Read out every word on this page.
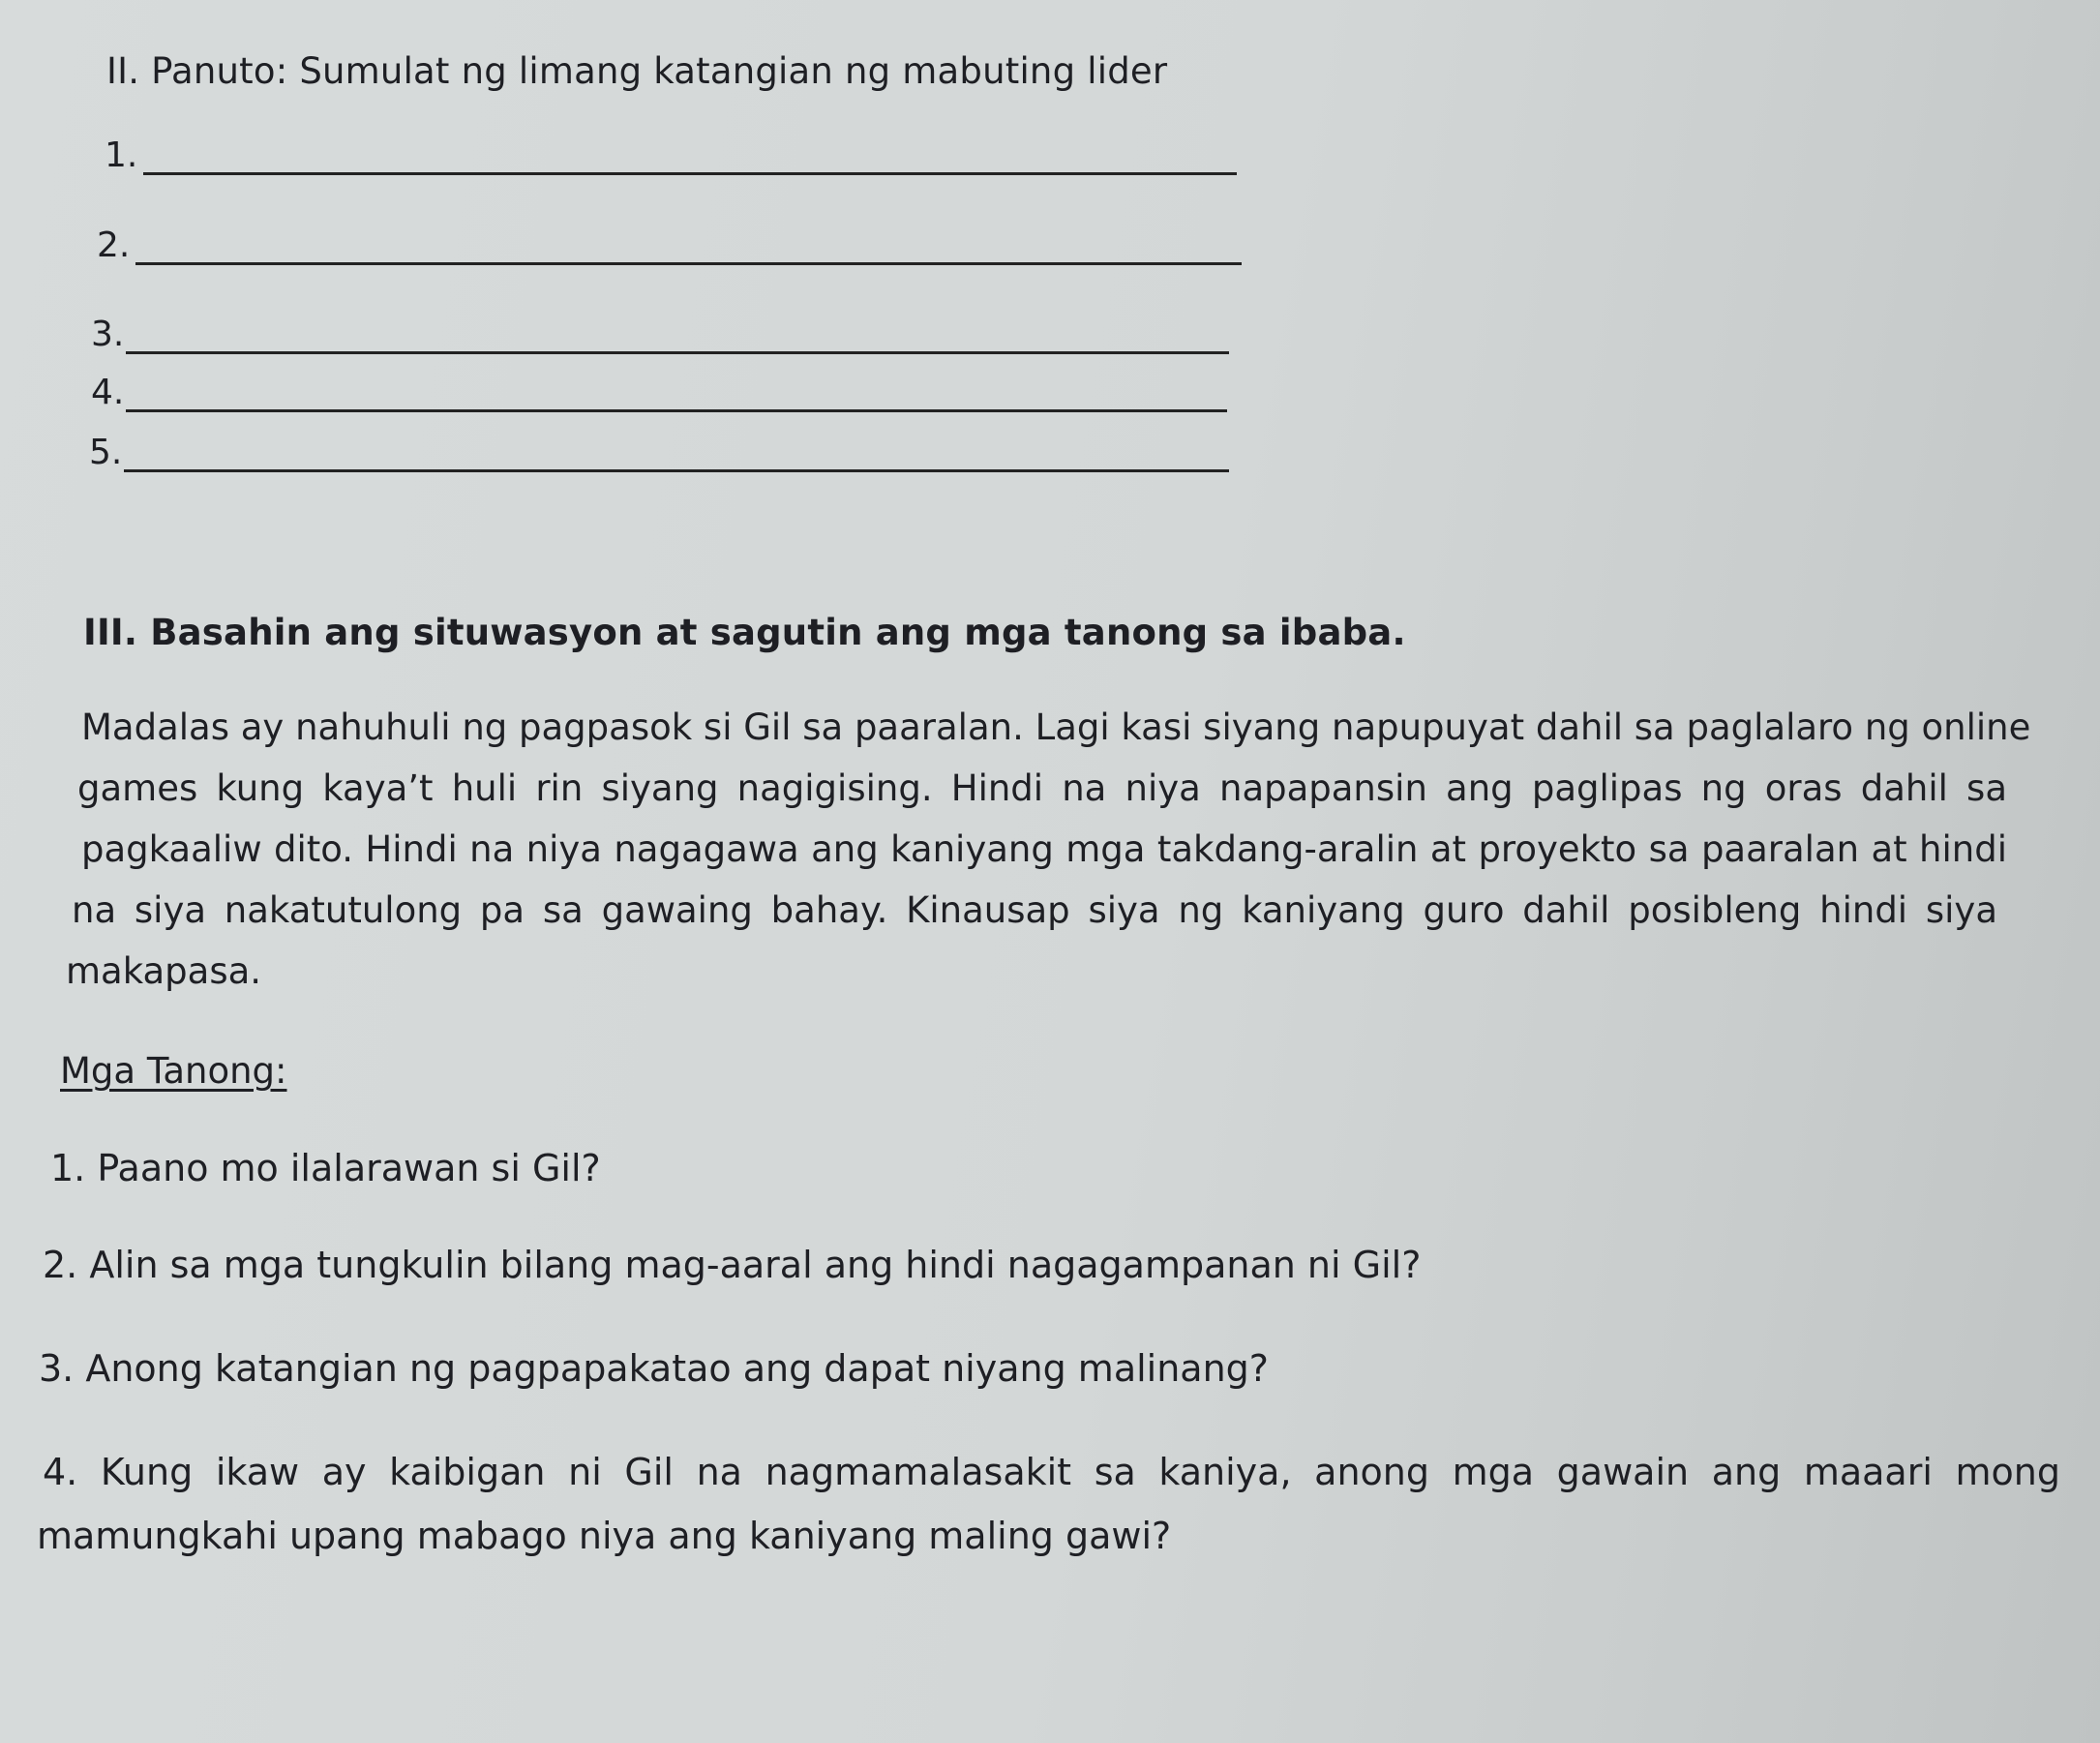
II. Panuto: Sumulat ng limang katangian ng mabuting lider
1.
2.
3.
4.
5.
III. Basahin ang situwasyon at sagutin ang mga tanong sa ibaba.
Madalas ay nahuhuli ng pagpasok si Gil sa paaralan. Lagi kasi siyang napupuyat dahil sa paglalaro ng online
games kung kaya’t huli rin siyang nagigising. Hindi na niya napapansin ang paglipas ng oras dahil sa
pagkaaliw dito. Hindi na niya nagagawa ang kaniyang mga takdang-aralin at proyekto sa paaralan at hindi
na siya nakatutulong pa sa gawaing bahay. Kinausap siya ng kaniyang guro dahil posibleng hindi siya
makapasa.
Mga Tanong:
1. Paano mo ilalarawan si Gil?
2. Alin sa mga tungkulin bilang mag-aaral ang hindi nagagampanan ni Gil?
3. Anong katangian ng pagpapakatao ang dapat niyang malinang?
4. Kung ikaw ay kaibigan ni Gil na nagmamalasakit sa kaniya, anong mga gawain ang maaari mong
mamungkahi upang mabago niya ang kaniyang maling gawi?
